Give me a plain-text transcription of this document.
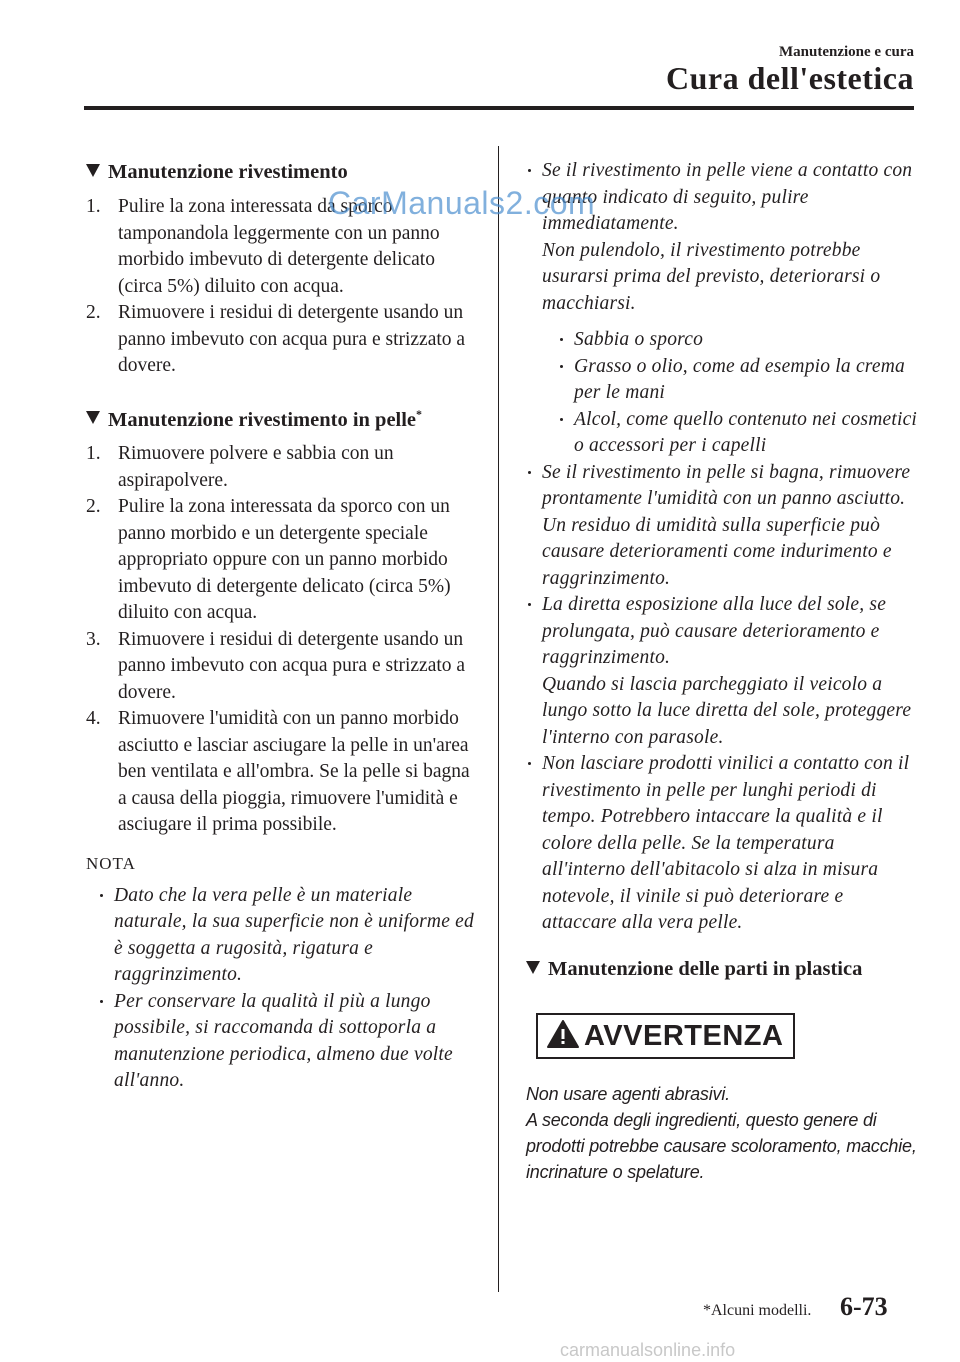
Manutenzione e cura
Cura dell'estetica
Manutenzione rivestimento
1. Pulire la zona interessata da sporco tamponandola leggermente con un panno morbido imbevuto di detergente delicato (circa 5%) diluito con acqua.
2. Rimuovere i residui di detergente usando un panno imbevuto con acqua pura e strizzato a dovere.
Manutenzione rivestimento in pelle*
1. Rimuovere polvere e sabbia con un aspirapolvere.
2. Pulire la zona interessata da sporco con un panno morbido e un detergente speciale appropriato oppure con un panno morbido imbevuto di detergente delicato (circa 5%) diluito con acqua.
3. Rimuovere i residui di detergente usando un panno imbevuto con acqua pura e strizzato a dovere.
4. Rimuovere l'umidità con un panno morbido asciutto e lasciar asciugare la pelle in un'area ben ventilata e all'ombra. Se la pelle si bagna a causa della pioggia, rimuovere l'umidità e asciugare il prima possibile.
NOTA
Dato che la vera pelle è un materiale naturale, la sua superficie non è uniforme ed è soggetta a rugosità, rigatura e raggrinzimento.
Per conservare la qualità il più a lungo possibile, si raccomanda di sottoporla a manutenzione periodica, almeno due volte all'anno.
Se il rivestimento in pelle viene a contatto con quanto indicato di seguito, pulire immediatamente.
Non pulendolo, il rivestimento potrebbe usurarsi prima del previsto, deteriorarsi o macchiarsi.
Sabbia o sporco
Grasso o olio, come ad esempio la crema per le mani
Alcol, come quello contenuto nei cosmetici o accessori per i capelli
Se il rivestimento in pelle si bagna, rimuovere prontamente l'umidità con un panno asciutto. Un residuo di umidità sulla superficie può causare deterioramenti come indurimento e raggrinzimento.
La diretta esposizione alla luce del sole, se prolungata, può causare deterioramento e raggrinzimento.
Quando si lascia parcheggiato il veicolo a lungo sotto la luce diretta del sole, proteggere l'interno con parasole.
Non lasciare prodotti vinilici a contatto con il rivestimento in pelle per lunghi periodi di tempo. Potrebbero intaccare la qualità e il colore della pelle. Se la temperatura all'interno dell'abitacolo si alza in misura notevole, il vinile si può deteriorare e attaccare alla vera pelle.
Manutenzione delle parti in plastica
AVVERTENZA

Non usare agenti abrasivi.

A seconda degli ingredienti, questo genere di prodotti potrebbe causare scoloramento, macchie, incrinature o spelature.

CarManuals2.com
*Alcuni modelli. 6-73
carmanualsonline.info
